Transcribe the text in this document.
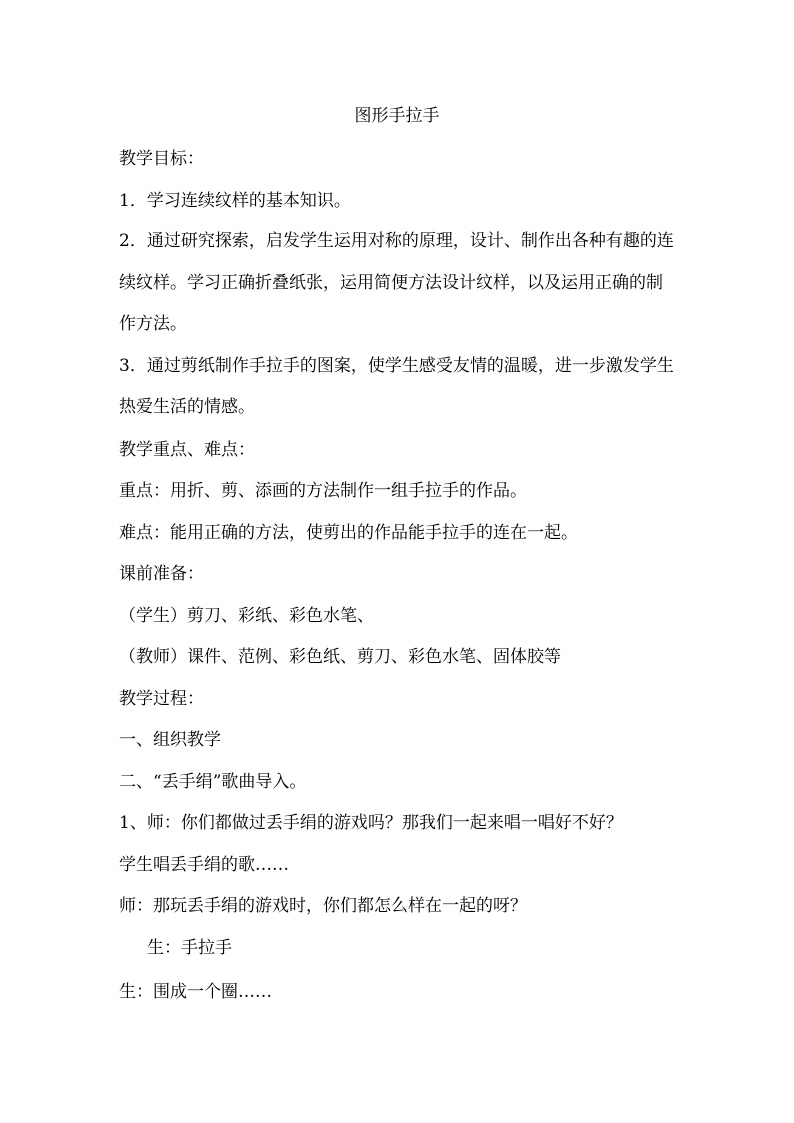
图形手拉手

教学目标：

1．学习连续纹样的基本知识。

2．通过研究探索，启发学生运用对称的原理，设计、制作出各种有趣的连续纹样。学习正确折叠纸张，运用简便方法设计纹样，以及运用正确的制作方法。

3．通过剪纸制作手拉手的图案，使学生感受友情的温暖，进一步激发学生热爱生活的情感。

教学重点、难点：

重点：用折、剪、添画的方法制作一组手拉手的作品。

难点：能用正确的方法，使剪出的作品能手拉手的连在一起。

课前准备：

（学生）剪刀、彩纸、彩色水笔、

（教师）课件、范例、彩色纸、剪刀、彩色水笔、固体胶等

教学过程：

一、组织教学

二、“丢手绢”歌曲导入。

1、师：你们都做过丢手绢的游戏吗？那我们一起来唱一唱好不好？

学生唱丢手绢的歌……

师：那玩丢手绢的游戏时，你们都怎么样在一起的呀？

生：手拉手

生：围成一个圈……
